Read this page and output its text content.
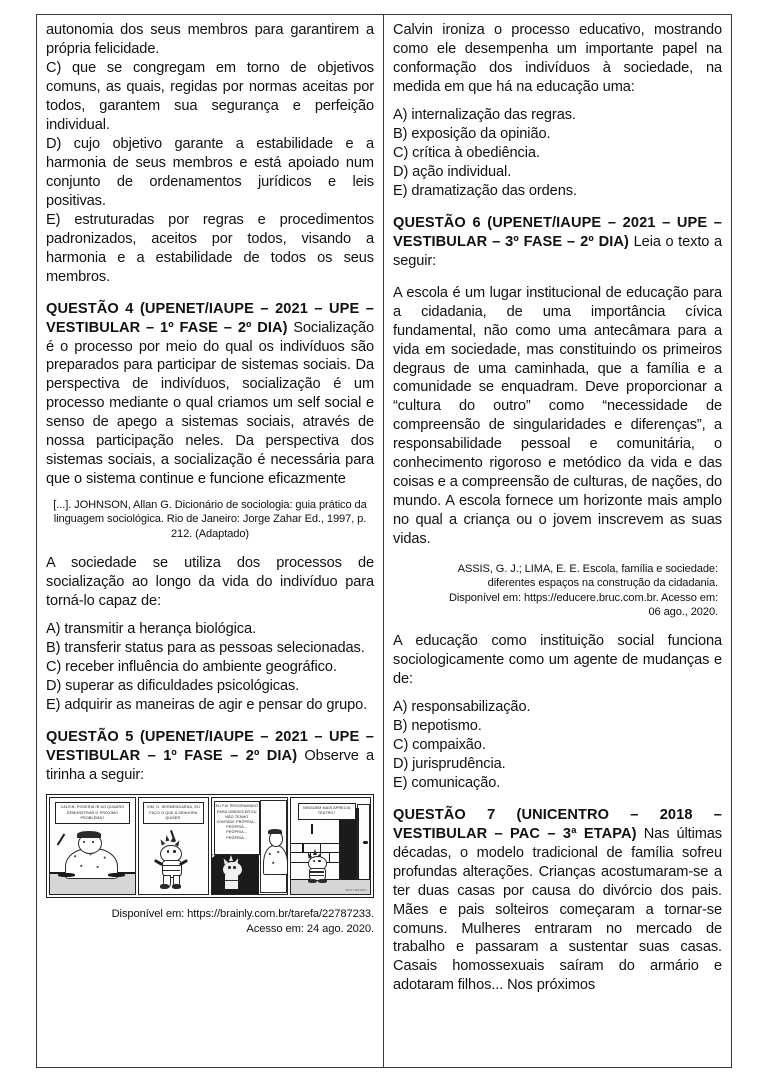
autonomia dos seus membros para garantirem a própria felicidade.

C) que se congregam em torno de objetivos comuns, as quais, regidas por normas aceitas por todos, garantem sua segurança e perfeição individual.

D) cujo objetivo garante a estabilidade e a harmonia de seus membros e está apoiado num conjunto de ordenamentos jurídicos e leis positivas.

E) estruturadas por regras e procedimentos padronizados, aceitos por todos, visando a harmonia e a estabilidade de todos os seus membros.

QUESTÃO 4 (UPENET/IAUPE – 2021 – UPE – VESTIBULAR – 1º FASE – 2º DIA) Socialização é o processo por meio do qual os indivíduos são preparados para participar de sistemas sociais. Da perspectiva de indivíduos, socialização é um processo mediante o qual criamos um self social e senso de apego a sistemas sociais, através de nossa participação neles. Da perspectiva dos sistemas sociais, a socialização é necessária para que o sistema continue e funcione eficazmente

[...]. JOHNSON, Allan G. Dicionário de sociologia: guia prático da linguagem sociológica. Rio de Janeiro: Jorge Zahar Ed., 1997, p. 212. (Adaptado)

A sociedade se utiliza dos processos de socialização ao longo da vida do indivíduo para torná-lo capaz de:

A) transmitir a herança biológica.

B) transferir status para as pessoas selecionadas.

C) receber influência do ambiente geográfico.

D) superar as dificuldades psicológicas.

E) adquirir as maneiras de agir e pensar do grupo.

QUESTÃO 5 (UPENET/IAUPE – 2021 – UPE – VESTIBULAR – 1º FASE – 2º DIA) Observe a tirinha a seguir:

CALVIN, PODERIA IR AO QUADRO DEMONSTRAR O PRÓXIMO PROBLEMA?
SIM, D. HERMENGARDA, EU FAÇO O QUE A SENHORA QUISER.
EU FUI PROGRAMADO PARA OBEDECER EU NÃO TENHO VONTADE PRÓPRIA... PRÓPRIA... PRÓPRIA... PRÓPRIA...
NINGUÉM MAIS APRECIA TEATRO?
WATTERSON

Disponível em: https://brainly.com.br/tarefa/22787233. Acesso em: 24 ago. 2020.

Calvin ironiza o processo educativo, mostrando como ele desempenha um importante papel na conformação dos indivíduos à sociedade, na medida em que há na educação uma:

A) internalização das regras.

B) exposição da opinião.

C) crítica à obediência.

D) ação individual.

E) dramatização das ordens.

QUESTÃO 6 (UPENET/IAUPE – 2021 – UPE – VESTIBULAR – 3º FASE – 2º DIA) Leia o texto a seguir:

A escola é um lugar institucional de educação para a cidadania, de uma importância cívica fundamental, não como uma antecâmara para a vida em sociedade, mas constituindo os primeiros degraus de uma caminhada, que a família e a comunidade se enquadram. Deve proporcionar a “cultura do outro” como “necessidade de compreensão de singularidades e diferenças”, a responsabilidade pessoal e comunitária, o conhecimento rigoroso e metódico da vida e das coisas e a compreensão de culturas, de nações, do mundo. A escola fornece um horizonte mais amplo no qual a criança ou o jovem inscrevem as suas vidas.

ASSIS, G. J.; LIMA, E. E. Escola, família e sociedade: diferentes espaços na construção da cidadania. Disponível em: https://educere.bruc.com.br. Acesso em: 06 ago., 2020.

A educação como instituição social funciona sociologicamente como um agente de mudanças e de:

A) responsabilização.

B) nepotismo.

C) compaixão.

D) jurisprudência.

E) comunicação.

QUESTÃO 7 (UNICENTRO – 2018 – VESTIBULAR – PAC – 3ª ETAPA) Nas últimas décadas, o modelo tradicional de família sofreu profundas alterações. Crianças acostumaram-se a ter duas casas por causa do divórcio dos pais. Mães e pais solteiros começaram a tornar-se comuns. Mulheres entraram no mercado de trabalho e passaram a sustentar suas casas. Casais homossexuais saíram do armário e adotaram filhos... Nos próximos
